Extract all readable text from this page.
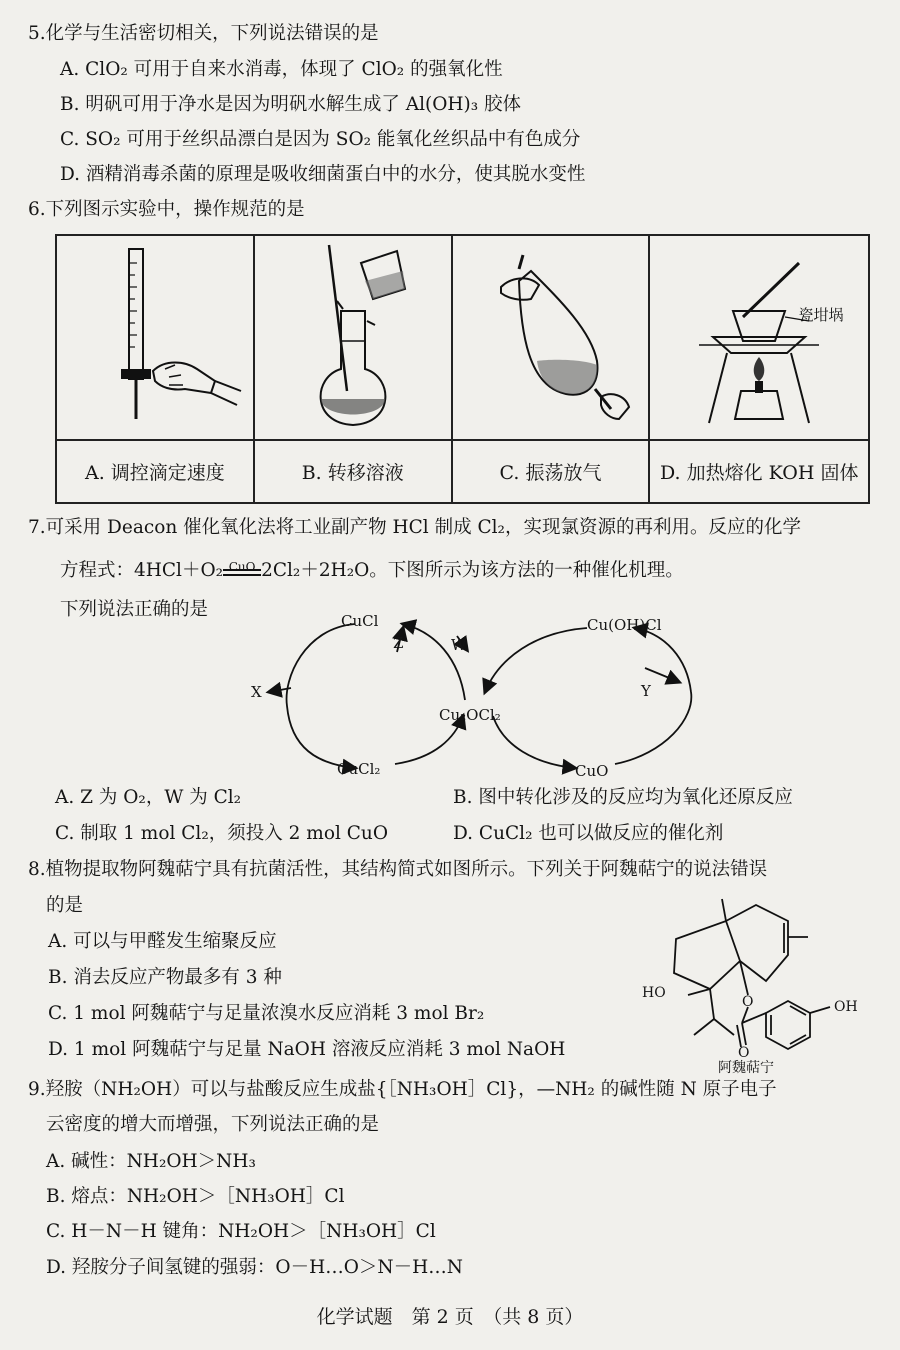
5.化学与生活密切相关，下列说法错误的是
A. ClO₂ 可用于自来水消毒，体现了 ClO₂ 的强氧化性
B. 明矾可用于净水是因为明矾水解生成了 Al(OH)₃ 胶体
C. SO₂ 可用于丝织品漂白是因为 SO₂ 能氧化丝织品中有色成分
D. 酒精消毒杀菌的原理是吸收细菌蛋白中的水分，使其脱水变性
6.下列图示实验中，操作规范的是

瓷坩埚

A. 调控滴定速度	B. 转移溶液	C. 振荡放气	D. 加热熔化 KOH 固体
7.可采用 Deacon 催化氧化法将工业副产物 HCl 制成 Cl₂，实现氯资源的再利用。反应的化学
方程式：4HCl＋O₂ CuO 2Cl₂＋2H₂O。下图所示为该方法的一种催化机理。
下列说法正确的是
CuCl	Cu(OH)Cl
Cu₂OCl₂
CuCl₂	CuO
X
Z	W
Y
A. Z 为 O₂，W 为 Cl₂	B. 图中转化涉及的反应均为氧化还原反应
C. 制取 1 mol Cl₂，须投入 2 mol CuO	D. CuCl₂ 也可以做反应的催化剂
8.植物提取物阿魏萜宁具有抗菌活性，其结构简式如图所示。下列关于阿魏萜宁的说法错误
的是
A. 可以与甲醛发生缩聚反应
B. 消去反应产物最多有 3 种
C. 1 mol 阿魏萜宁与足量浓溴水反应消耗 3 mol Br₂
D. 1 mol 阿魏萜宁与足量 NaOH 溶液反应消耗 3 mol NaOH
HO
O
O
OH
阿魏萜宁
9.羟胺（NH₂OH）可以与盐酸反应生成盐{［NH₃OH］Cl}，—NH₂ 的碱性随 N 原子电子
云密度的增大而增强，下列说法正确的是
A. 碱性：NH₂OH＞NH₃
B. 熔点：NH₂OH＞［NH₃OH］Cl
C. H－N－H 键角：NH₂OH＞［NH₃OH］Cl
D. 羟胺分子间氢键的强弱：O－H…O＞N－H…N
化学试题　第 2 页　（共 8 页）
